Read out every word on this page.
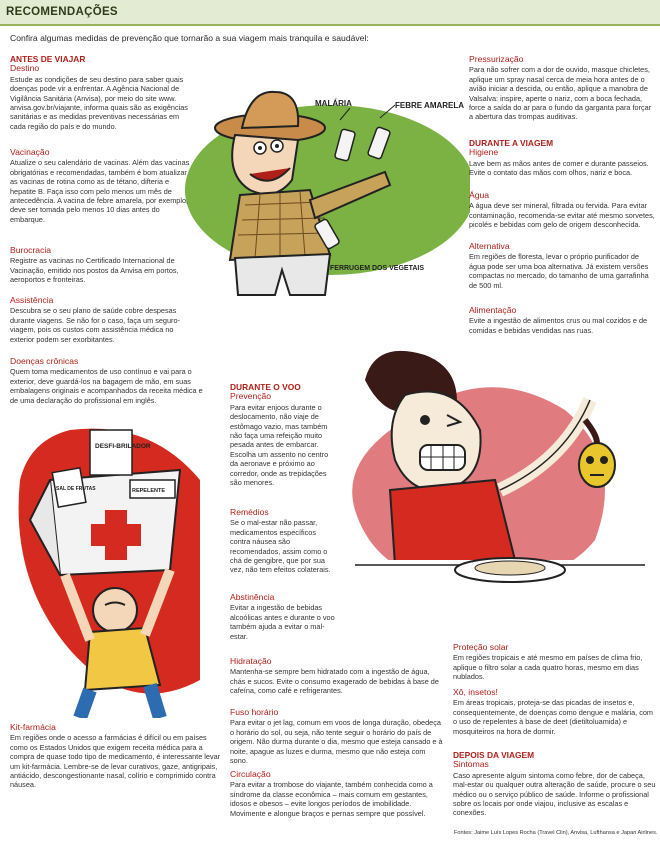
RECOMENDAÇÕES
Confira algumas medidas de prevenção que tornarão a sua viagem mais tranquila e saudável:
MALÁRIA	FEBRE AMARELA
FERRUGEM DOS VEGETAIS
DESFI-BRILADOR
SAL DE FRUTAS	REPELENTE
ANTES DE VIAJAR
Destino
Estude as condições de seu destino para saber quais doenças pode vir a enfrentar. A Agência Nacional de Vigilância Sanitária (Anvisa), por meio do site www. anvisa.gov.br/viajante, informa quais são as exigências sanitárias e as medidas preventivas necessárias em cada região do país e do mundo.
Vacinação
Atualize o seu calendário de vacinas. Além das vacinas obrigatórias e recomendadas, também é bom atualizar as vacinas de rotina como as de tétano, difteria e hepatite B. Faça isso com pelo menos um mês de antecedência. A vacina de febre amarela, por exemplo, deve ser tomada pelo menos 10 dias antes do embarque.
Burocracia
Registre as vacinas no Certificado Internacional de Vacinação, emitido nos postos da Anvisa em portos, aeroportos e fronteiras.
Assistência
Descubra se o seu plano de saúde cobre despesas durante viagens. Se não for o caso, faça um seguro-viagem, pois os custos com assistência médica no exterior podem ser exorbitantes.
Doenças crônicas
Quem toma medicamentos de uso contínuo e vai para o exterior, deve guardá-los na bagagem de mão, em suas embalagens originais e acompanhados da receita médica e de uma declaração do profissional em inglês.
Kit-farmácia
Em regiões onde o acesso a farmácias é difícil ou em países como os Estados Unidos que exigem receita médica para a compra de quase todo tipo de medicamento, é interessante levar um kit-farmácia. Lembre-se de levar curativos, gaze, antigripais, antiácido, descongestionante nasal, colírio e comprimido contra náusea.
DURANTE O VOO
Prevenção
Para evitar enjoos durante o deslocamento, não viaje de estômago vazio, mas também não faça uma refeição muito pesada antes de embarcar. Escolha um assento no centro da aeronave e próximo ao corredor, onde as trepidações são menores.
Remédios
Se o mal-estar não passar, medicamentos específicos contra náusea são recomendados, assim como o chá de gengibre, que por sua vez, não tem efeitos colaterais.
Abstinência
Evitar a ingestão de bebidas alcoólicas antes e durante o voo também ajuda a evitar o mal-estar.
Hidratação
Mantenha-se sempre bem hidratado com a ingestão de água, chás e sucos. Evite o consumo exagerado de bebidas à base de cafeína, como café e refrigerantes.
Fuso horário
Para evitar o jet lag, comum em voos de longa duração, obedeça o horário do sol, ou seja, não tente seguir o horário do país de origem. Não durma durante o dia, mesmo que esteja cansado e à noite, apague as luzes e durma, mesmo que não esteja com sono.
Circulação
Para evitar a trombose do viajante, também conhecida como a síndrome da classe econômica – mais comum em gestantes, idosos e obesos – evite longos períodos de imobilidade. Movimente e alongue braços e pernas sempre que possível.
Pressurização
Para não sofrer com a dor de ouvido, masque chicletes, aplique um spray nasal cerca de meia hora antes de o avião iniciar a descida, ou então, aplique a manobra de Valsalva: inspire, aperte o nariz, com a boca fechada, force a saída do ar para o fundo da garganta para forçar a abertura das trompas auditivas.
DURANTE A VIAGEM
Higiene
Lave bem as mãos antes de comer e durante passeios. Evite o contato das mãos com olhos, nariz e boca.
Água
A água deve ser mineral, filtrada ou fervida. Para evitar contaminação, recomenda-se evitar até mesmo sorvetes, picolés e bebidas com gelo de origem desconhecida.
Alternativa
Em regiões de floresta, levar o próprio purificador de água pode ser uma boa alternativa. Já existem versões compactas no mercado, do tamanho de uma garrafinha de 500 ml.
Alimentação
Evite a ingestão de alimentos crus ou mal cozidos e de comidas e bebidas vendidas nas ruas.
Proteção solar
Em regiões tropicais e até mesmo em países de clima frio, aplique o filtro solar a cada quatro horas, mesmo em dias nublados.
Xô, insetos!
Em áreas tropicais, proteja-se das picadas de insetos e, consequentemente, de doenças como dengue e malária, com o uso de repelentes à base de deet (dietiltoluamida) e mosquiteiros na hora de dormir.
DEPOIS DA VIAGEM
Sintomas
Caso apresente algum sintoma como febre, dor de cabeça, mal-estar ou qualquer outra alteração de saúde, procure o seu médico ou o serviço público de saúde. Informe o profissional sobre os locais por onde viajou, inclusive as escalas e conexões.
Fontes: Jaime Luís Lopes Rocha (Travel Clin), Anvisa, Lufthansa e Japan Airlines.
